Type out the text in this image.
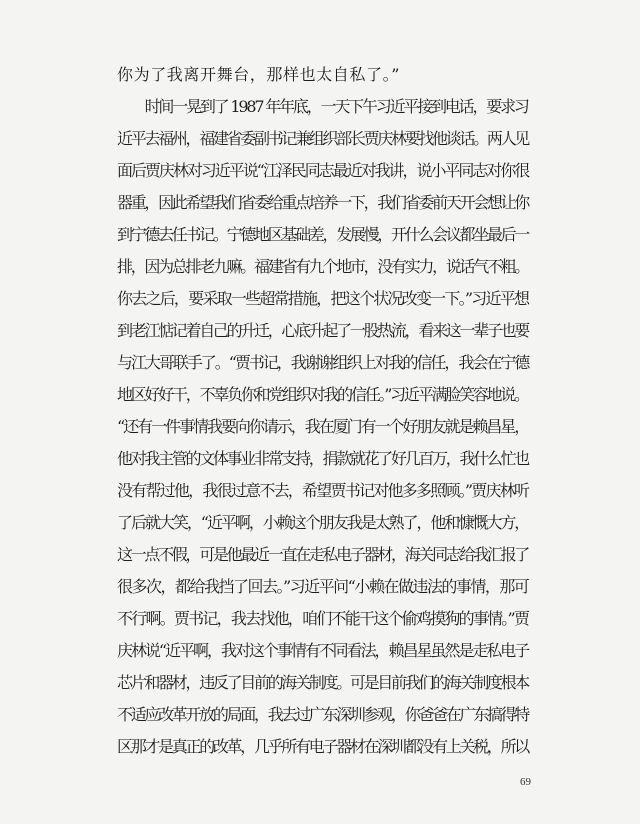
你为了我离开舞台，那样也太自私了。”
　　时间一晃到了 1987 年年底，一天下午习近平接到电话，要求习
近平去福州，福建省委副书记兼组织部长贾庆林要找他谈话。两人见
面后贾庆林对习近平说“江泽民同志最近对我讲，说小平同志对你很
器重，因此希望我们省委给重点培养一下，我们省委前天开会想让你
到宁德去任书记。宁德地区基础差，发展慢，开什么会议都坐最后一
排，因为总排老九嘛。福建省有九个地市，没有实力，说话气不粗。
你去之后，要采取一些超常措施，把这个状况改变一下。”习近平想
到老江惦记着自己的升迁，心底升起了一股热流，看来这一辈子也要
与江大哥联手了。“贾书记，我谢谢组织上对我的信任，我会在宁德
地区好好干，不辜负你和党组织对我的信任。”习近平满脸笑容地说。
“还有一件事情我要向你请示，我在厦门有一个好朋友就是赖昌星，
他对我主管的文体事业非常支持，捐款就花了好几百万，我什么忙也
没有帮过他，我很过意不去，希望贾书记对他多多照顾。”贾庆林听
了后就大笑，“近平啊，小赖这个朋友我是太熟了，他和慷慨大方，
这一点不假，可是他最近一直在走私电子器材，海关同志给我汇报了
很多次，都给我挡了回去。”习近平问“小赖在做违法的事情，那可
不行啊。贾书记，我去找他，咱们不能干这个偷鸡摸狗的事情。”贾
庆林说“近平啊，我对这个事情有不同看法，赖昌星虽然是走私电子
芯片和器材，违反了目前的海关制度。可是目前我们的海关制度根本
不适应改革开放的局面，我去过广东深圳参观，你爸爸在广东搞得特
区那才是真正的改革，几乎所有电子器材在深圳都没有上关税，所以
69
